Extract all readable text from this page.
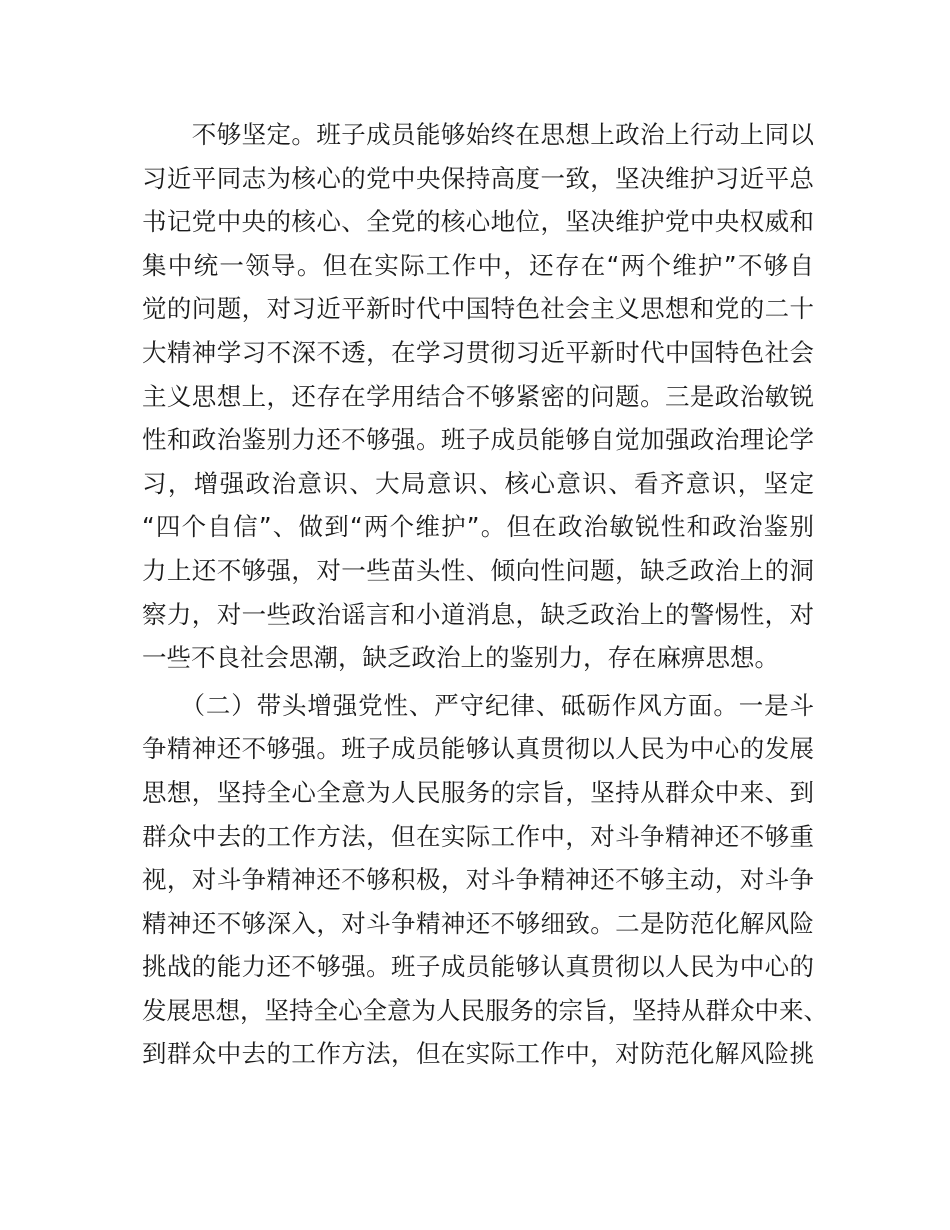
　　不够坚定。班子成员能够始终在思想上政治上行动上同以
习近平同志为核心的党中央保持高度一致，坚决维护习近平总
书记党中央的核心、全党的核心地位，坚决维护党中央权威和
集中统一领导。但在实际工作中，还存在“两个维护”不够自
觉的问题，对习近平新时代中国特色社会主义思想和党的二十
大精神学习不深不透，在学习贯彻习近平新时代中国特色社会
主义思想上，还存在学用结合不够紧密的问题。三是政治敏锐
性和政治鉴别力还不够强。班子成员能够自觉加强政治理论学
习，增强政治意识、大局意识、核心意识、看齐意识，坚定
“四个自信”、做到“两个维护”。但在政治敏锐性和政治鉴别
力上还不够强，对一些苗头性、倾向性问题，缺乏政治上的洞
察力，对一些政治谣言和小道消息，缺乏政治上的警惕性，对
一些不良社会思潮，缺乏政治上的鉴别力，存在麻痹思想。

　　（二）带头增强党性、严守纪律、砥砺作风方面。一是斗
争精神还不够强。班子成员能够认真贯彻以人民为中心的发展
思想，坚持全心全意为人民服务的宗旨，坚持从群众中来、到
群众中去的工作方法，但在实际工作中，对斗争精神还不够重
视，对斗争精神还不够积极，对斗争精神还不够主动，对斗争
精神还不够深入，对斗争精神还不够细致。二是防范化解风险
挑战的能力还不够强。班子成员能够认真贯彻以人民为中心的
发展思想，坚持全心全意为人民服务的宗旨，坚持从群众中来、
到群众中去的工作方法，但在实际工作中，对防范化解风险挑
